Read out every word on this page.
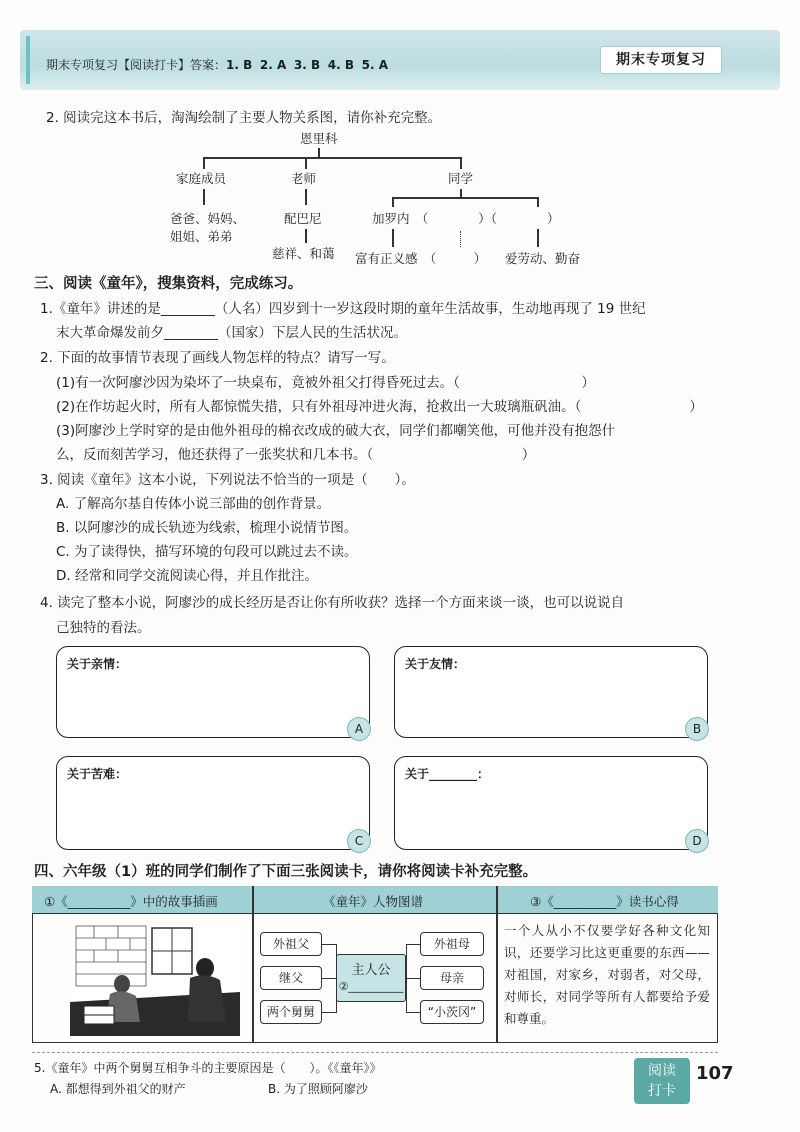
期末专项复习【阅读打卡】答案：1. B 2. A 3. B 4. B 5. A	期末专项复习
2. 阅读完这本书后，淘淘绘制了主要人物关系图，请你补充完整。
恩里科
家庭成员	老师	同学
爸爸、妈妈、
姐姐、弟弟
配巴尼
慈祥、和蔼
加罗内　（　　　　）（　　　　）
富有正义感　（　　　） 爱劳动、勤奋
三、阅读《童年》，搜集资料，完成练习。
1.《童年》讲述的是________（人名）四岁到十一岁这段时期的童年生活故事，生动地再现了 19 世纪
末大革命爆发前夕________（国家）下层人民的生活状况。
2. 下面的故事情节表现了画线人物怎样的特点？请写一写。
(1)有一次阿廖沙因为染坏了一块桌布，竟被外祖父打得昏死过去。（　　　　　　　　　）
(2)在作坊起火时，所有人都惊慌失措，只有外祖母冲进火海，抢救出一大玻璃瓶矾油。（　　　　　　　　）
(3)阿廖沙上学时穿的是由他外祖母的棉衣改成的破大衣，同学们都嘲笑他，可他并没有抱怨什
么，反而刻苦学习，他还获得了一张奖状和几本书。（　　　　　　　　　　　）
3. 阅读《童年》这本小说，下列说法不恰当的一项是（　　）。
A. 了解高尔基自传体小说三部曲的创作背景。
B. 以阿廖沙的成长轨迹为线索，梳理小说情节图。
C. 为了读得快，描写环境的句段可以跳过去不读。
D. 经常和同学交流阅读心得，并且作批注。
4. 读完了整本小说，阿廖沙的成长经历是否让你有所收获？选择一个方面来谈一谈，也可以说说自
己独特的看法。
关于亲情：
A
关于友情：
B
关于苦难：
C
关于________：
D
四、六年级（1）班的同学们制作了下面三张阅读卡，请你将阅读卡补充完整。
①《__________》中的故事插画	《童年》人物图谱	③《__________》读书心得
外祖父
继父
两个舅舅
主人公
②__________
外祖母
母亲
“小茨冈”
一个人从小不仅要学好各种文化知识，还要学习比这更重要的东西——对祖国，对家乡，对弱者，对父母，对师长，对同学等所有人都要给予爱和尊重。
5.《童年》中两个舅舅互相争斗的主要原因是（　　）。《《童年》》
A. 都想得到外祖父的财产	B. 为了照顾阿廖沙
阅读
打卡
107
